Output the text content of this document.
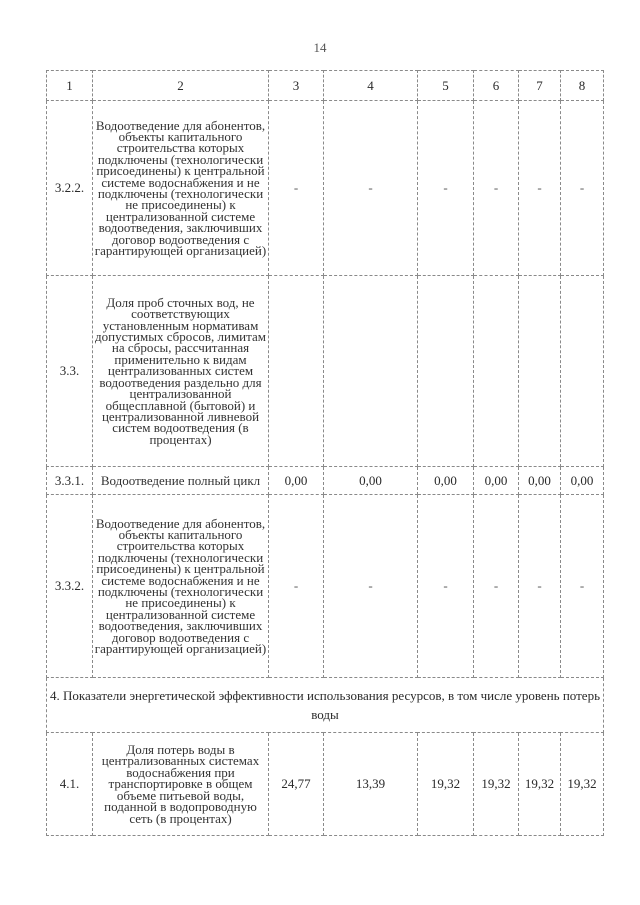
14
1	2	3	4	5	6	7	8
3.2.2.	Водоотведение для абонентов, объекты капитального строительства которых подключены (технологически присоединены) к центральной системе водоснабжения и не подключены (технологически не присоединены) к централизованной системе водоотведения, заключивших договор водоотведения с гарантирующей организацией)	-	-	-	-	-	-
3.3.	Доля проб сточных вод, не соответствующих установленным нормативам допустимых сбросов, лимитам на сбросы, рассчитанная применительно к видам централизованных систем водоотведения раздельно для централизованной общесплавной (бытовой) и централизованной ливневой систем водоотведения (в процентах)						
3.3.1.	Водоотведение полный цикл	0,00	0,00	0,00	0,00	0,00	0,00
3.3.2.	Водоотведение для абонентов, объекты капитального строительства которых подключены (технологически присоединены) к центральной системе водоснабжения и не подключены (технологически не присоединены) к централизованной системе водоотведения, заключивших договор водоотведения с гарантирующей организацией)	-	-	-	-	-	-
4. Показатели энергетической эффективности использования ресурсов, в том числе уровень потерь воды							
4.1.	Доля потерь воды в централизованных системах водоснабжения при транспортировке в общем объеме питьевой воды, поданной в водопроводную сеть (в процентах)	24,77	13,39	19,32	19,32	19,32	19,32
